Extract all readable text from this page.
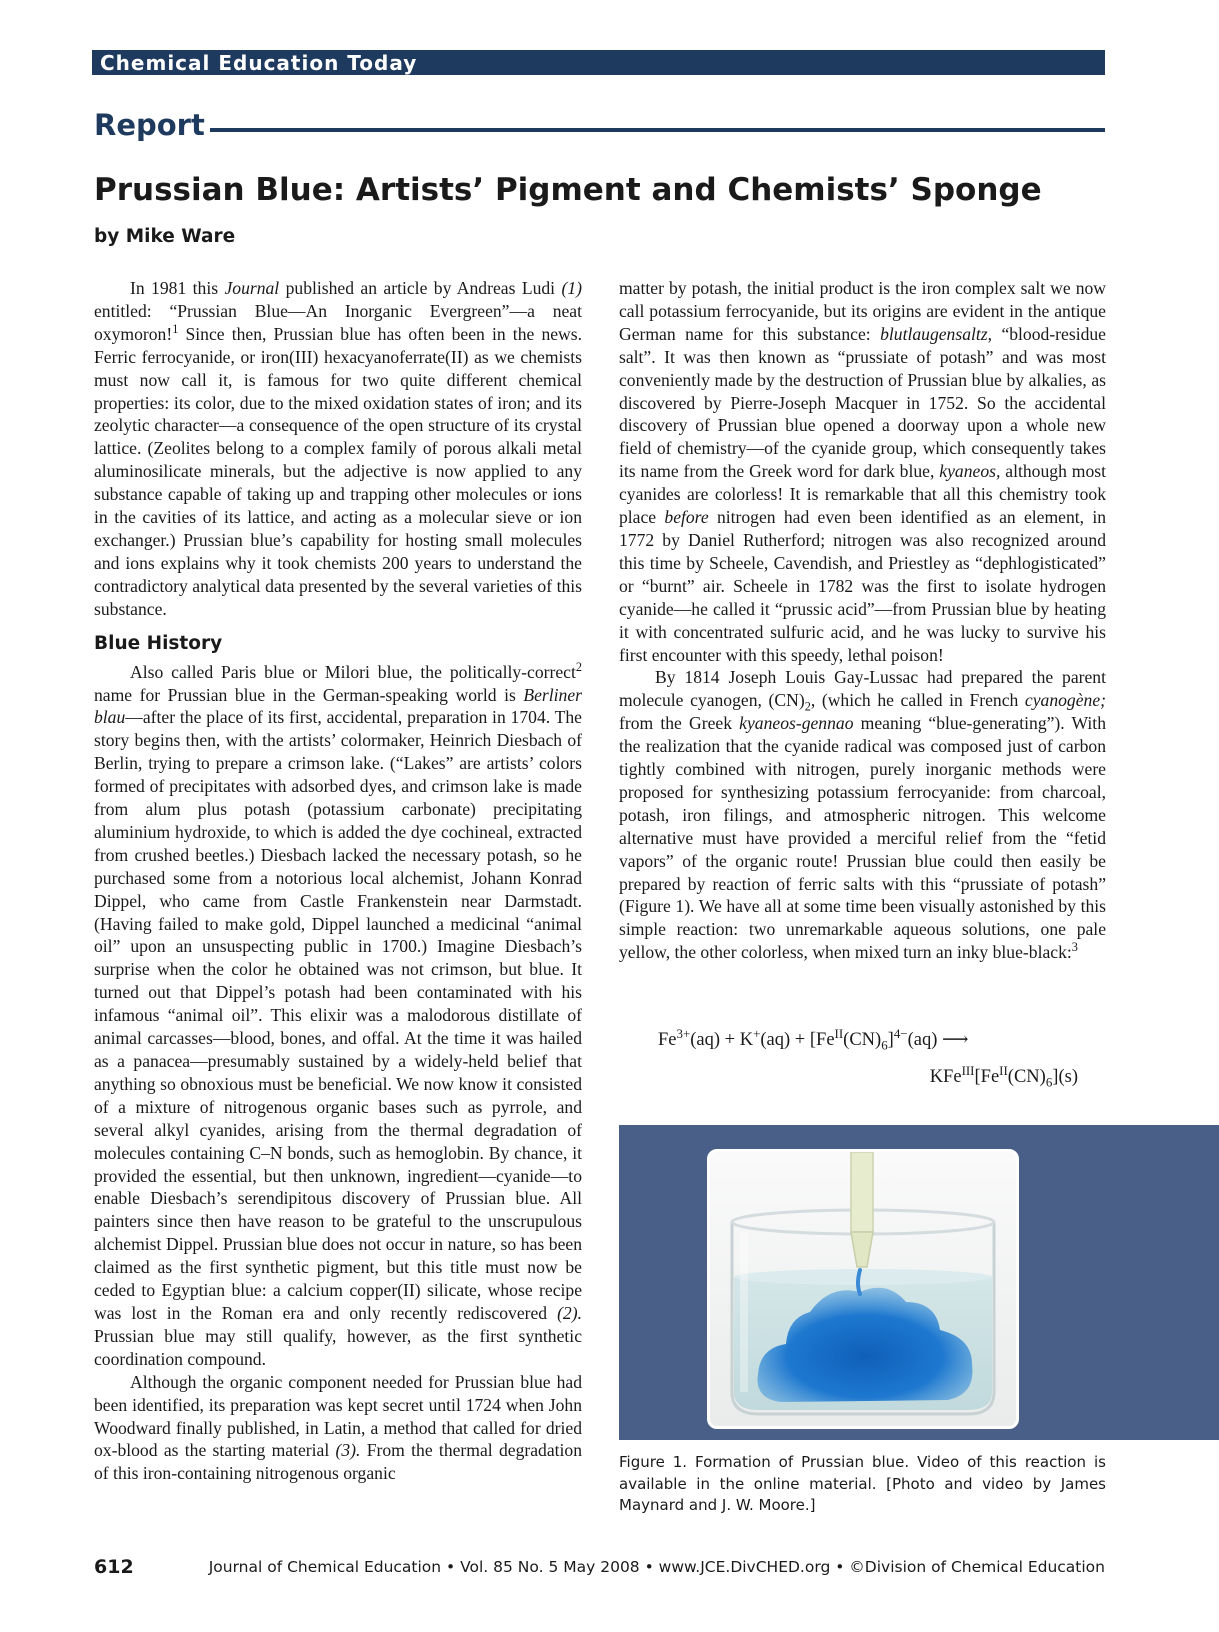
Chemical Education Today
Report
Prussian Blue: Artists’ Pigment and Chemists’ Sponge
by Mike Ware

In 1981 this Journal published an article by Andreas Ludi (1) entitled: “Prussian Blue—An Inorganic Evergreen”—a neat oxymoron!$^1$ Since then, Prussian blue has often been in the news. Ferric ferrocyanide, or iron(III) hexacyanoferrate(II) as we chemists must now call it, is famous for two quite different chemical properties: its color, due to the mixed oxidation states of iron; and its zeolytic character—a consequence of the open structure of its crystal lattice. (Zeolites belong to a complex family of porous alkali metal aluminosilicate minerals, but the adjective is now applied to any substance capable of taking up and trapping other molecules or ions in the cavities of its lattice, and acting as a molecular sieve or ion exchanger.) Prussian blue’s capability for hosting small molecules and ions explains why it took chemists 200 years to understand the contradictory analytical data presented by the several varieties of this substance.

Blue History

Also called Paris blue or Milori blue, the politically-correct$^2$ name for Prussian blue in the German-speaking world is Berliner blau—after the place of its first, accidental, preparation in 1704. The story begins then, with the artists’ colormaker, Heinrich Diesbach of Berlin, trying to prepare a crimson lake. (“Lakes” are artists’ colors formed of precipitates with adsorbed dyes, and crimson lake is made from alum plus potash (potassium carbonate) precipitating aluminium hydroxide, to which is added the dye cochineal, extracted from crushed beetles.) Diesbach lacked the necessary potash, so he purchased some from a notorious local alchemist, Johann Konrad Dippel, who came from Castle Frankenstein near Darmstadt. (Having failed to make gold, Dippel launched a medicinal “animal oil” upon an unsuspecting public in 1700.) Imagine Diesbach’s surprise when the color he obtained was not crimson, but blue. It turned out that Dippel’s potash had been contaminated with his infamous “animal oil”. This elixir was a malodorous distillate of animal carcasses—blood, bones, and offal. At the time it was hailed as a panacea—presumably sustained by a widely-held belief that anything so obnoxious must be beneficial. We now know it consisted of a mixture of nitrogenous organic bases such as pyrrole, and several alkyl cyanides, arising from the thermal degradation of molecules containing C–N bonds, such as hemoglobin. By chance, it provided the essential, but then unknown, ingredient—cyanide—to enable Diesbach’s serendipitous discovery of Prussian blue. All painters since then have reason to be grateful to the unscrupulous alchemist Dippel. Prussian blue does not occur in nature, so has been claimed as the first synthetic pigment, but this title must now be ceded to Egyptian blue: a calcium copper(II) silicate, whose recipe was lost in the Roman era and only recently rediscovered (2). Prussian blue may still qualify, however, as the first synthetic coordination compound.

Although the organic component needed for Prussian blue had been identified, its preparation was kept secret until 1724 when John Woodward finally published, in Latin, a method that called for dried ox-blood as the starting material (3). From the thermal degradation of this iron-containing nitrogenous organic

matter by potash, the initial product is the iron complex salt we now call potassium ferrocyanide, but its origins are evident in the antique German name for this substance: blutlaugensaltz, “blood-residue salt”. It was then known as “prussiate of potash” and was most conveniently made by the destruction of Prussian blue by alkalies, as discovered by Pierre-Joseph Macquer in 1752. So the accidental discovery of Prussian blue opened a doorway upon a whole new field of chemistry—of the cyanide group, which consequently takes its name from the Greek word for dark blue, kyaneos, although most cyanides are colorless! It is remarkable that all this chemistry took place before nitrogen had even been identified as an element, in 1772 by Daniel Rutherford; nitrogen was also recognized around this time by Scheele, Cavendish, and Priestley as “dephlogisticated” or “burnt” air. Scheele in 1782 was the first to isolate hydrogen cyanide—he called it “prussic acid”—from Prussian blue by heating it with concentrated sulfuric acid, and he was lucky to survive his first encounter with this speedy, lethal poison!

By 1814 Joseph Louis Gay-Lussac had prepared the parent molecule cyanogen, $(CN)_2$, (which he called in French cyanogène; from the Greek kyaneos-gennao meaning “blue-generating”). With the realization that the cyanide radical was composed just of carbon tightly combined with nitrogen, purely inorganic methods were proposed for synthesizing potassium ferrocyanide: from charcoal, potash, iron filings, and atmospheric nitrogen. This welcome alternative must have provided a merciful relief from the “fetid vapors” of the organic route! Prussian blue could then easily be prepared by reaction of ferric salts with this “prussiate of potash” (Figure 1). We have all at some time been visually astonished by this simple reaction: two unremarkable aqueous solutions, one pale yellow, the other colorless, when mixed turn an inky blue-black:$^3$

$Fe^{3+}(aq) + K^+(aq) + [Fe^{II}(CN)_6]^{4-}(aq)$ ⟶
$KFe^{III}[Fe^{II}(CN)_6](s)$
Figure 1. Formation of Prussian blue. Video of this reaction is available in the online material. [Photo and video by James Maynard and J. W. Moore.]
612	Journal of Chemical Education • Vol. 85 No. 5 May 2008 • www.JCE.DivCHED.org • ©Division of Chemical Education
